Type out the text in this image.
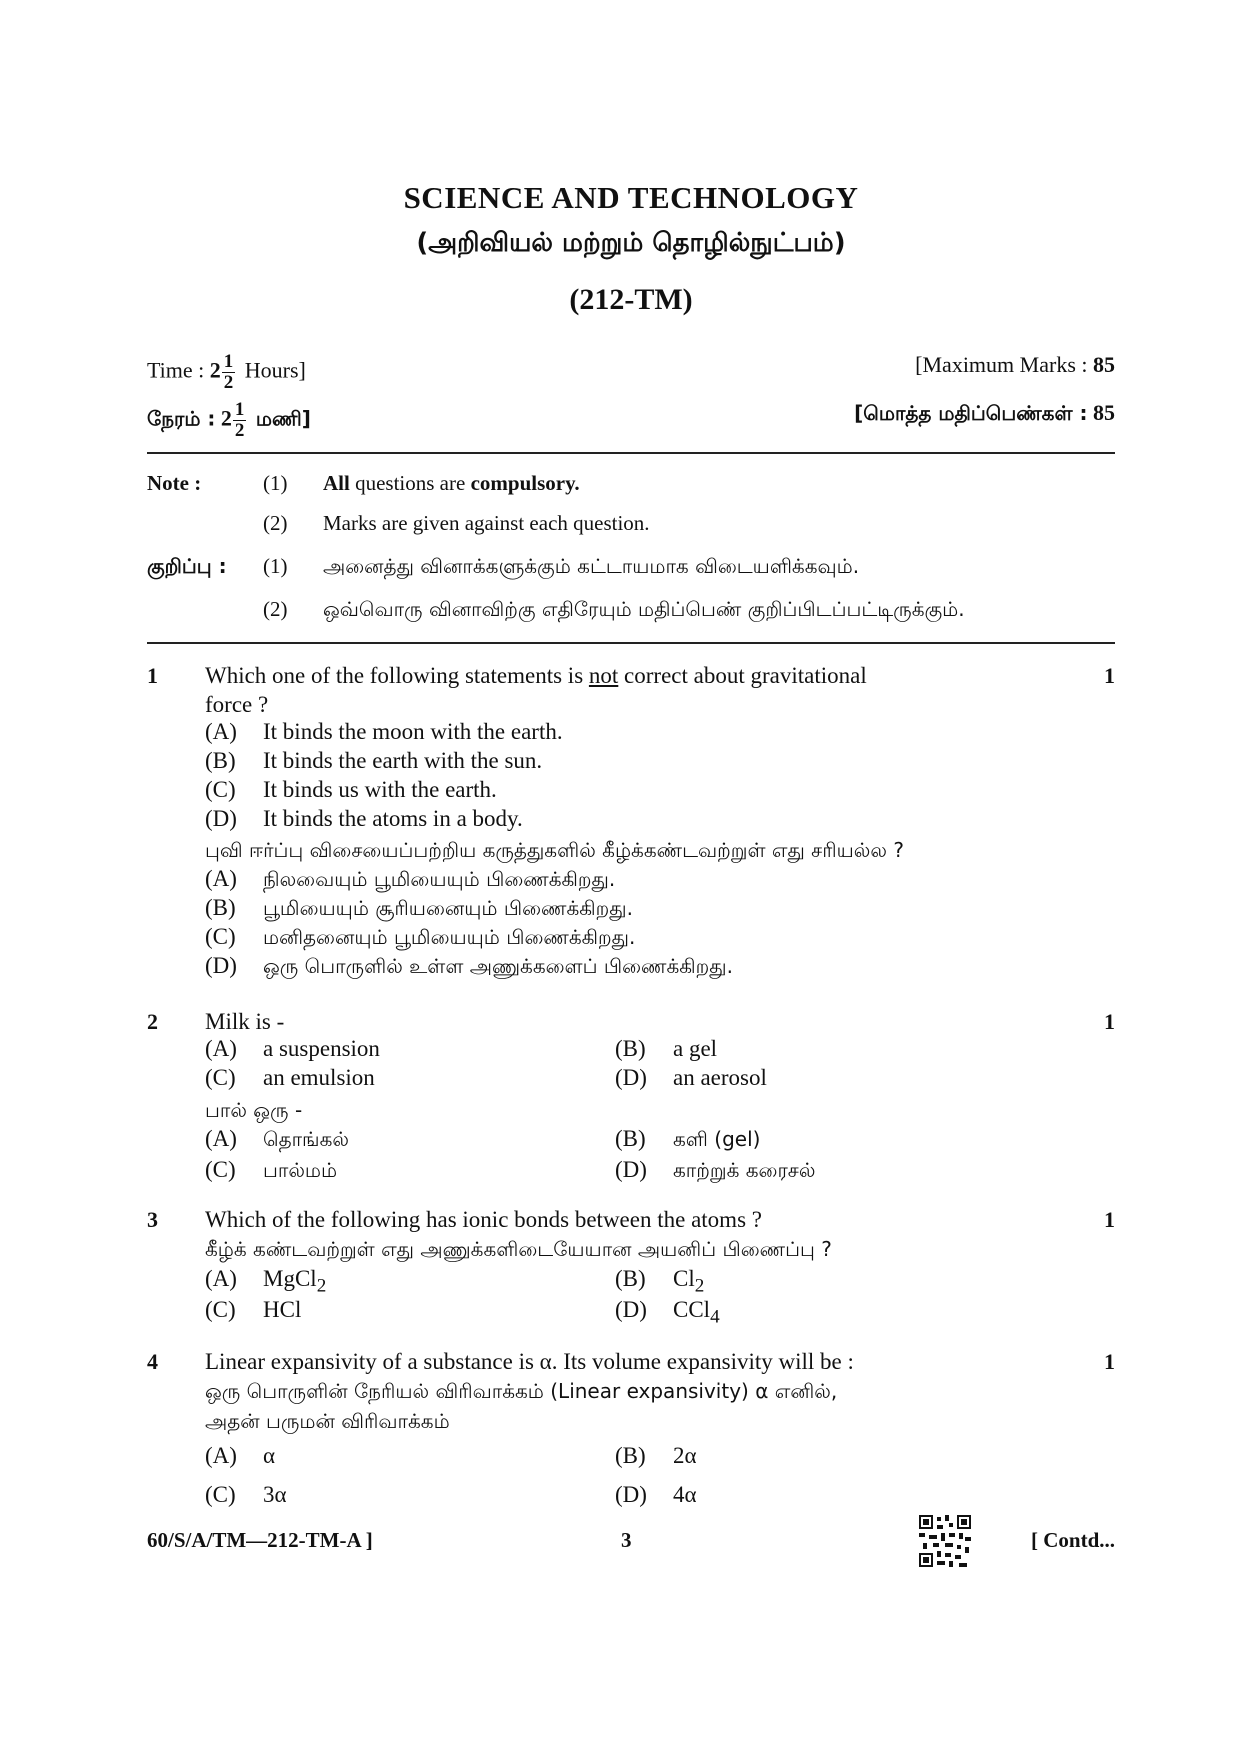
SCIENCE AND TECHNOLOGY
(அறிவியல் மற்றும் தொழில்நுட்பம்)
(212-TM)
Time : $2 \frac{1}{2}$ Hours]	[Maximum Marks : 85
நேரம் : $2 \frac{1}{2}$ மணி]	[மொத்த மதிப்பெண்கள் : 85
Note :	(1) All questions are compulsory.
(2) Marks are given against each question.
குறிப்பு : (1) அனைத்து வினாக்களுக்கும் கட்டாயமாக விடையளிக்கவும்.
(2) ஒவ்வொரு வினாவிற்கு எதிரேயும் மதிப்பெண் குறிப்பிடப்பட்டிருக்கும்.
1	1
Which one of the following statements is not correct about gravitational
force ?
(A) It binds the moon with the earth.
(B) It binds the earth with the sun.
(C) It binds us with the earth.
(D) It binds the atoms in a body.
புவி ஈர்ப்பு விசையைப்பற்றிய கருத்துகளில் கீழ்க்கண்டவற்றுள் எது சரியல்ல ?
(A) நிலவையும் பூமியையும் பிணைக்கிறது.
(B) பூமியையும் சூரியனையும் பிணைக்கிறது.
(C) மனிதனையும் பூமியையும் பிணைக்கிறது.
(D) ஒரு பொருளில் உள்ள அணுக்களைப் பிணைக்கிறது.
2	1
Milk is -
(A) a suspension	(B) a gel
(C) an emulsion	(D) an aerosol
பால் ஒரு -
(A) தொங்கல்	(B) களி (gel)
(C) பால்மம்	(D) காற்றுக் கரைசல்
3	1
Which of the following has ionic bonds between the atoms ?
கீழ்க் கண்டவற்றுள் எது அணுக்களிடையேயான அயனிப் பிணைப்பு ?
(A) MgCl$_2$	(B) $Cl_2$
(C) HCl	(D) CCl$_4$
4	1
Linear expansivity of a substance is α. Its volume expansivity will be :
ஒரு பொருளின் நேரியல் விரிவாக்கம் (Linear expansivity) α எனில்,
அதன் பருமன் விரிவாக்கம்
(A) α	(B) 2α
(C) 3α	(D) 4α
60/S/A/TM—212-TM-A ]	3	[ Contd...
